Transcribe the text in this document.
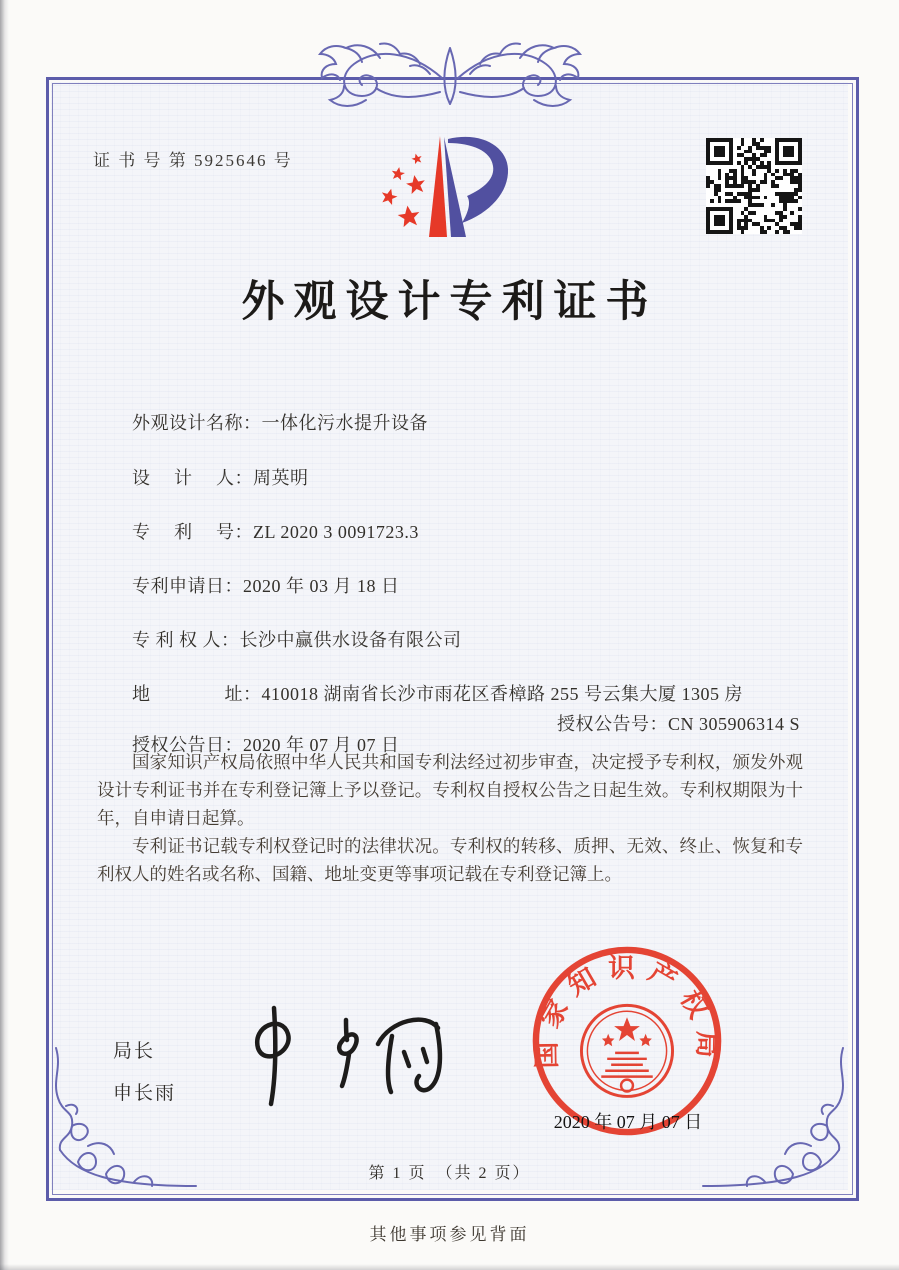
证 书 号 第 5925646 号
外观设计专利证书

外观设计名称：一体化污水提升设备

设　 计 　人：周英明

专　 利 　号：ZL 2020 3 0091723.3

专利申请日：2020 年 03 月 18 日

专 利 权 人：长沙中赢供水设备有限公司

地　　　　址：410018 湖南省长沙市雨花区香樟路 255 号云集大厦 1305 房

授权公告日：2020 年 07 月 07 日

授权公告号：CN 305906314 S

国家知识产权局依照中华人民共和国专利法经过初步审查，决定授予专利权，颁发外观设计专利证书并在专利登记簿上予以登记。专利权自授权公告之日起生效。专利权期限为十年，自申请日起算。

专利证书记载专利权登记时的法律状况。专利权的转移、质押、无效、终止、恢复和专利权人的姓名或名称、国籍、地址变更等事项记载在专利登记簿上。

局长
申长雨
国家知识产权局
2020 年 07 月 07 日
第 1 页　（共 2 页）
其他事项参见背面
